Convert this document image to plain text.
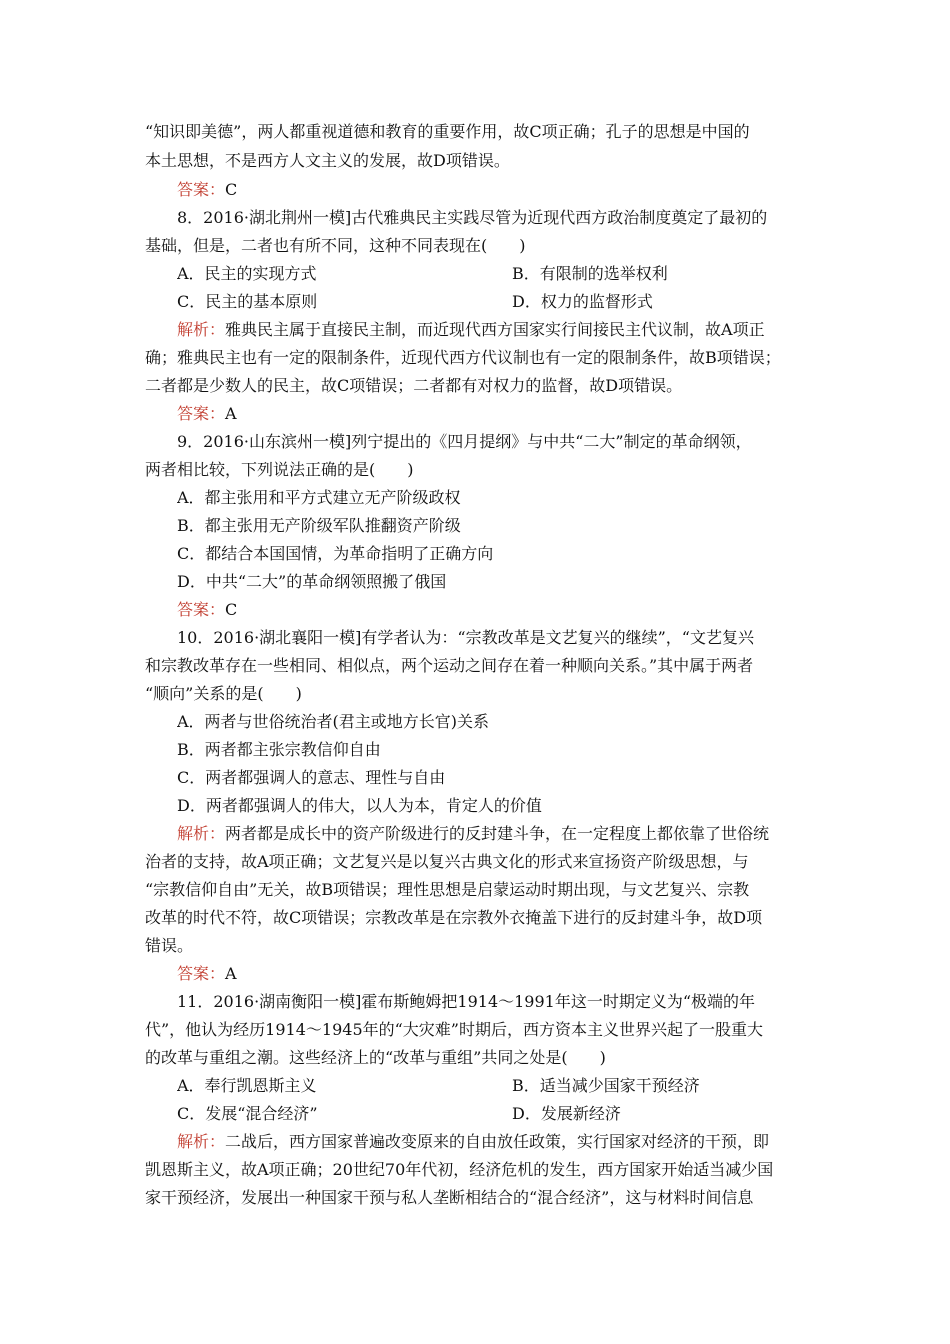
“知识即美德”，两人都重视道德和教育的重要作用，故C项正确；孔子的思想是中国的
本土思想，不是西方人文主义的发展，故D项错误。
答案：C
8．2016·湖北荆州一模]古代雅典民主实践尽管为近现代西方政治制度奠定了最初的
基础，但是，二者也有所不同，这种不同表现在(　　)
A．民主的实现方式	B．有限制的选举权利
C．民主的基本原则	D．权力的监督形式
解析：雅典民主属于直接民主制，而近现代西方国家实行间接民主代议制，故A项正
确；雅典民主也有一定的限制条件，近现代西方代议制也有一定的限制条件，故B项错误；
二者都是少数人的民主，故C项错误；二者都有对权力的监督，故D项错误。
答案：A
9．2016·山东滨州一模]列宁提出的《四月提纲》与中共“二大”制定的革命纲领，
两者相比较，下列说法正确的是(　　)
A．都主张用和平方式建立无产阶级政权
B．都主张用无产阶级军队推翻资产阶级
C．都结合本国国情，为革命指明了正确方向
D．中共“二大”的革命纲领照搬了俄国
答案：C
10．2016·湖北襄阳一模]有学者认为：“宗教改革是文艺复兴的继续”，“文艺复兴
和宗教改革存在一些相同、相似点，两个运动之间存在着一种顺向关系。”其中属于两者
“顺向”关系的是(　　)
A．两者与世俗统治者(君主或地方长官)关系
B．两者都主张宗教信仰自由
C．两者都强调人的意志、理性与自由
D．两者都强调人的伟大，以人为本，肯定人的价值
解析：两者都是成长中的资产阶级进行的反封建斗争，在一定程度上都依靠了世俗统
治者的支持，故A项正确；文艺复兴是以复兴古典文化的形式来宣扬资产阶级思想，与
“宗教信仰自由”无关，故B项错误；理性思想是启蒙运动时期出现，与文艺复兴、宗教
改革的时代不符，故C项错误；宗教改革是在宗教外衣掩盖下进行的反封建斗争，故D项
错误。
答案：A
11．2016·湖南衡阳一模]霍布斯鲍姆把1914～1991年这一时期定义为“极端的年
代”，他认为经历1914～1945年的“大灾难”时期后，西方资本主义世界兴起了一股重大
的改革与重组之潮。这些经济上的“改革与重组”共同之处是(　　)
A．奉行凯恩斯主义	B．适当减少国家干预经济
C．发展“混合经济”	D．发展新经济
解析：二战后，西方国家普遍改变原来的自由放任政策，实行国家对经济的干预，即
凯恩斯主义，故A项正确；20世纪70年代初，经济危机的发生，西方国家开始适当减少国
家干预经济，发展出一种国家干预与私人垄断相结合的“混合经济”，这与材料时间信息
